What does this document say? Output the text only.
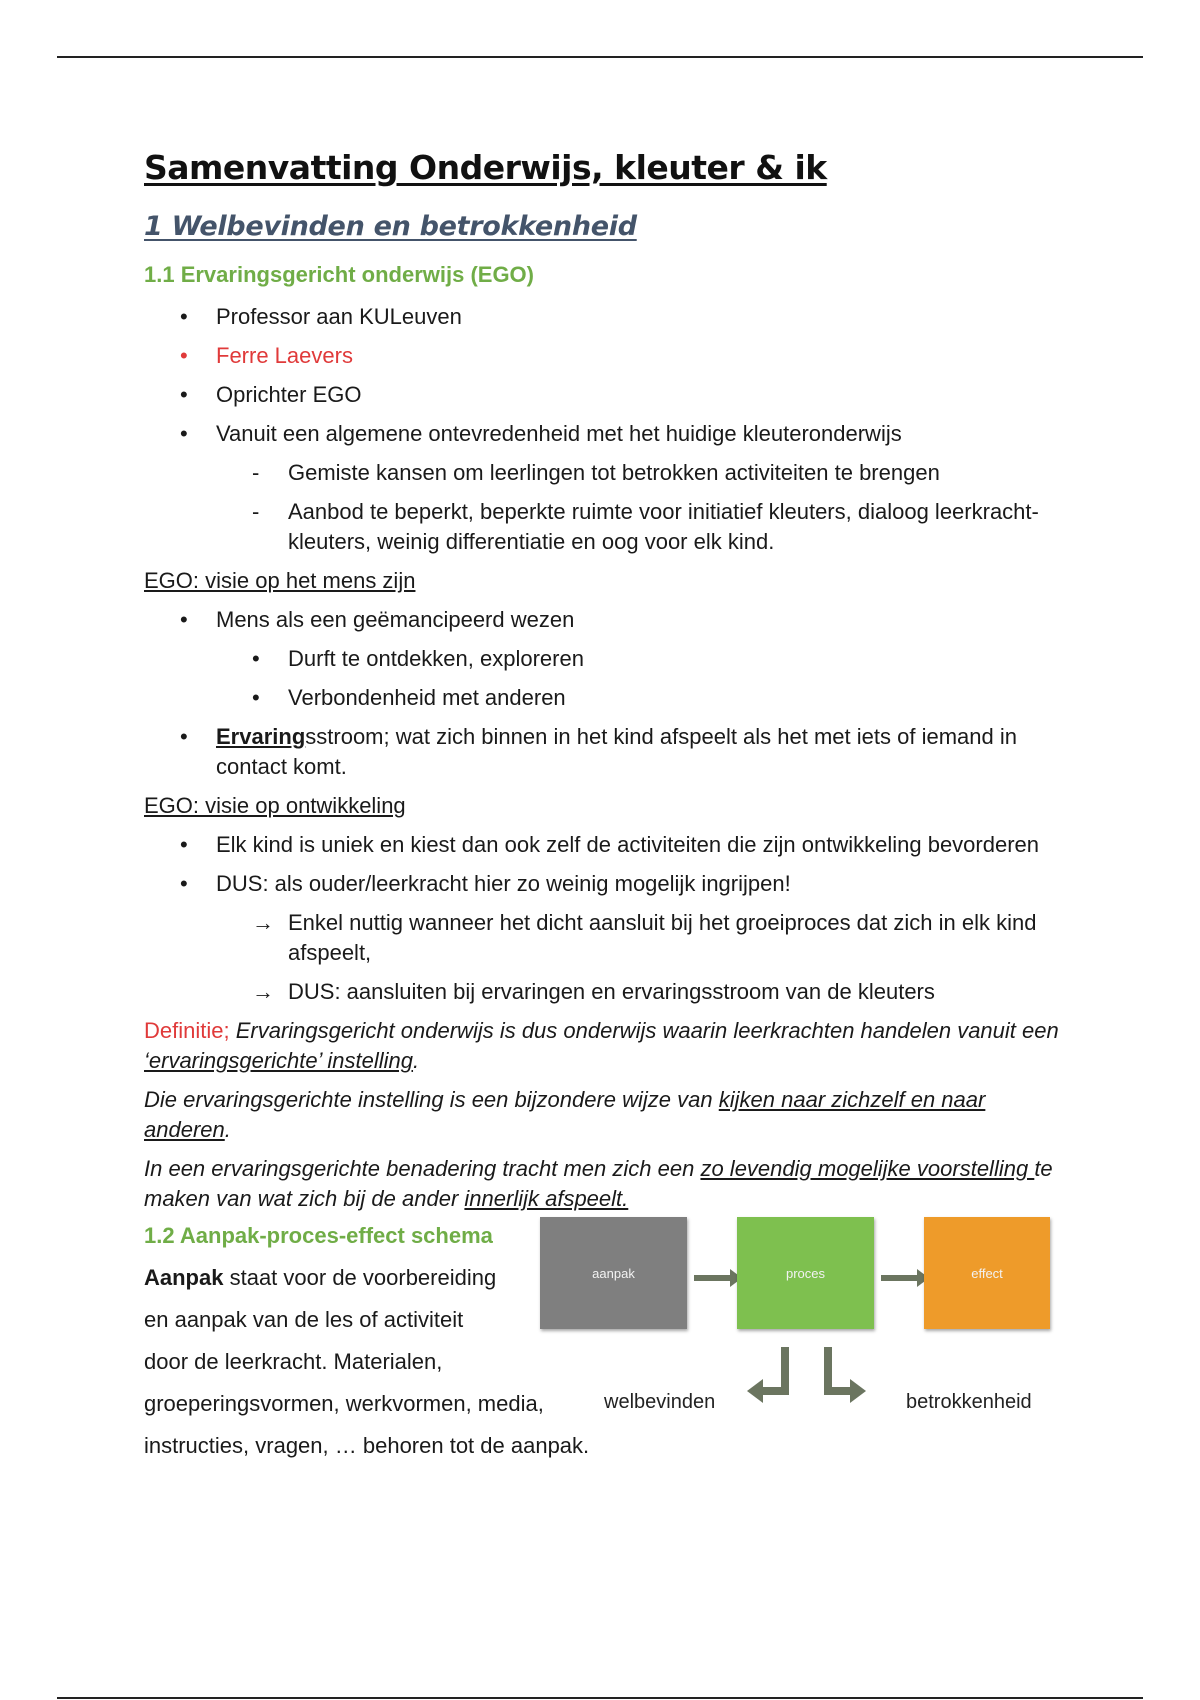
Samenvatting Onderwijs, kleuter & ik
1 Welbevinden en betrokkenheid
1.1 Ervaringsgericht onderwijs (EGO)
•	Professor aan KULeuven
•	Ferre Laevers
•	Oprichter EGO
•	Vanuit een algemene ontevredenheid met het huidige kleuteronderwijs
-	Gemiste kansen om leerlingen tot betrokken activiteiten te brengen
-	Aanbod te beperkt, beperkte ruimte voor initiatief kleuters, dialoog leerkracht-kleuters, weinig differentiatie en oog voor elk kind.

EGO: visie op het mens zijn

•	Mens als een geëmancipeerd wezen
•	Durft te ontdekken, exploreren
•	Verbondenheid met anderen
•	Ervaringsstroom; wat zich binnen in het kind afspeelt als het met iets of iemand in contact komt.

EGO: visie op ontwikkeling

•	Elk kind is uniek en kiest dan ook zelf de activiteiten die zijn ontwikkeling bevorderen
•	DUS: als ouder/leerkracht hier zo weinig mogelijk ingrijpen!
→ Enkel nuttig wanneer het dicht aansluit bij het groeiproces dat zich in elk kind afspeelt,
→ DUS: aansluiten bij ervaringen en ervaringsstroom van de kleuters

Definitie; Ervaringsgericht onderwijs is dus onderwijs waarin leerkrachten handelen vanuit een ‘ervaringsgerichte’ instelling.

Die ervaringsgerichte instelling is een bijzondere wijze van kijken naar zichzelf en naar anderen.

In een ervaringsgerichte benadering tracht men zich een zo levendig mogelijke voorstelling te maken van wat zich bij de ander innerlijk afspeelt.

1.2 Aanpak-proces-effect schema
Aanpak staat voor de voorbereiding
en aanpak van de les of activiteit
door de leerkracht. Materialen,
groeperingsvormen, werkvormen, media,
instructies, vragen, … behoren tot de aanpak.
aanpak	proces	effect
welbevinden	betrokkenheid
